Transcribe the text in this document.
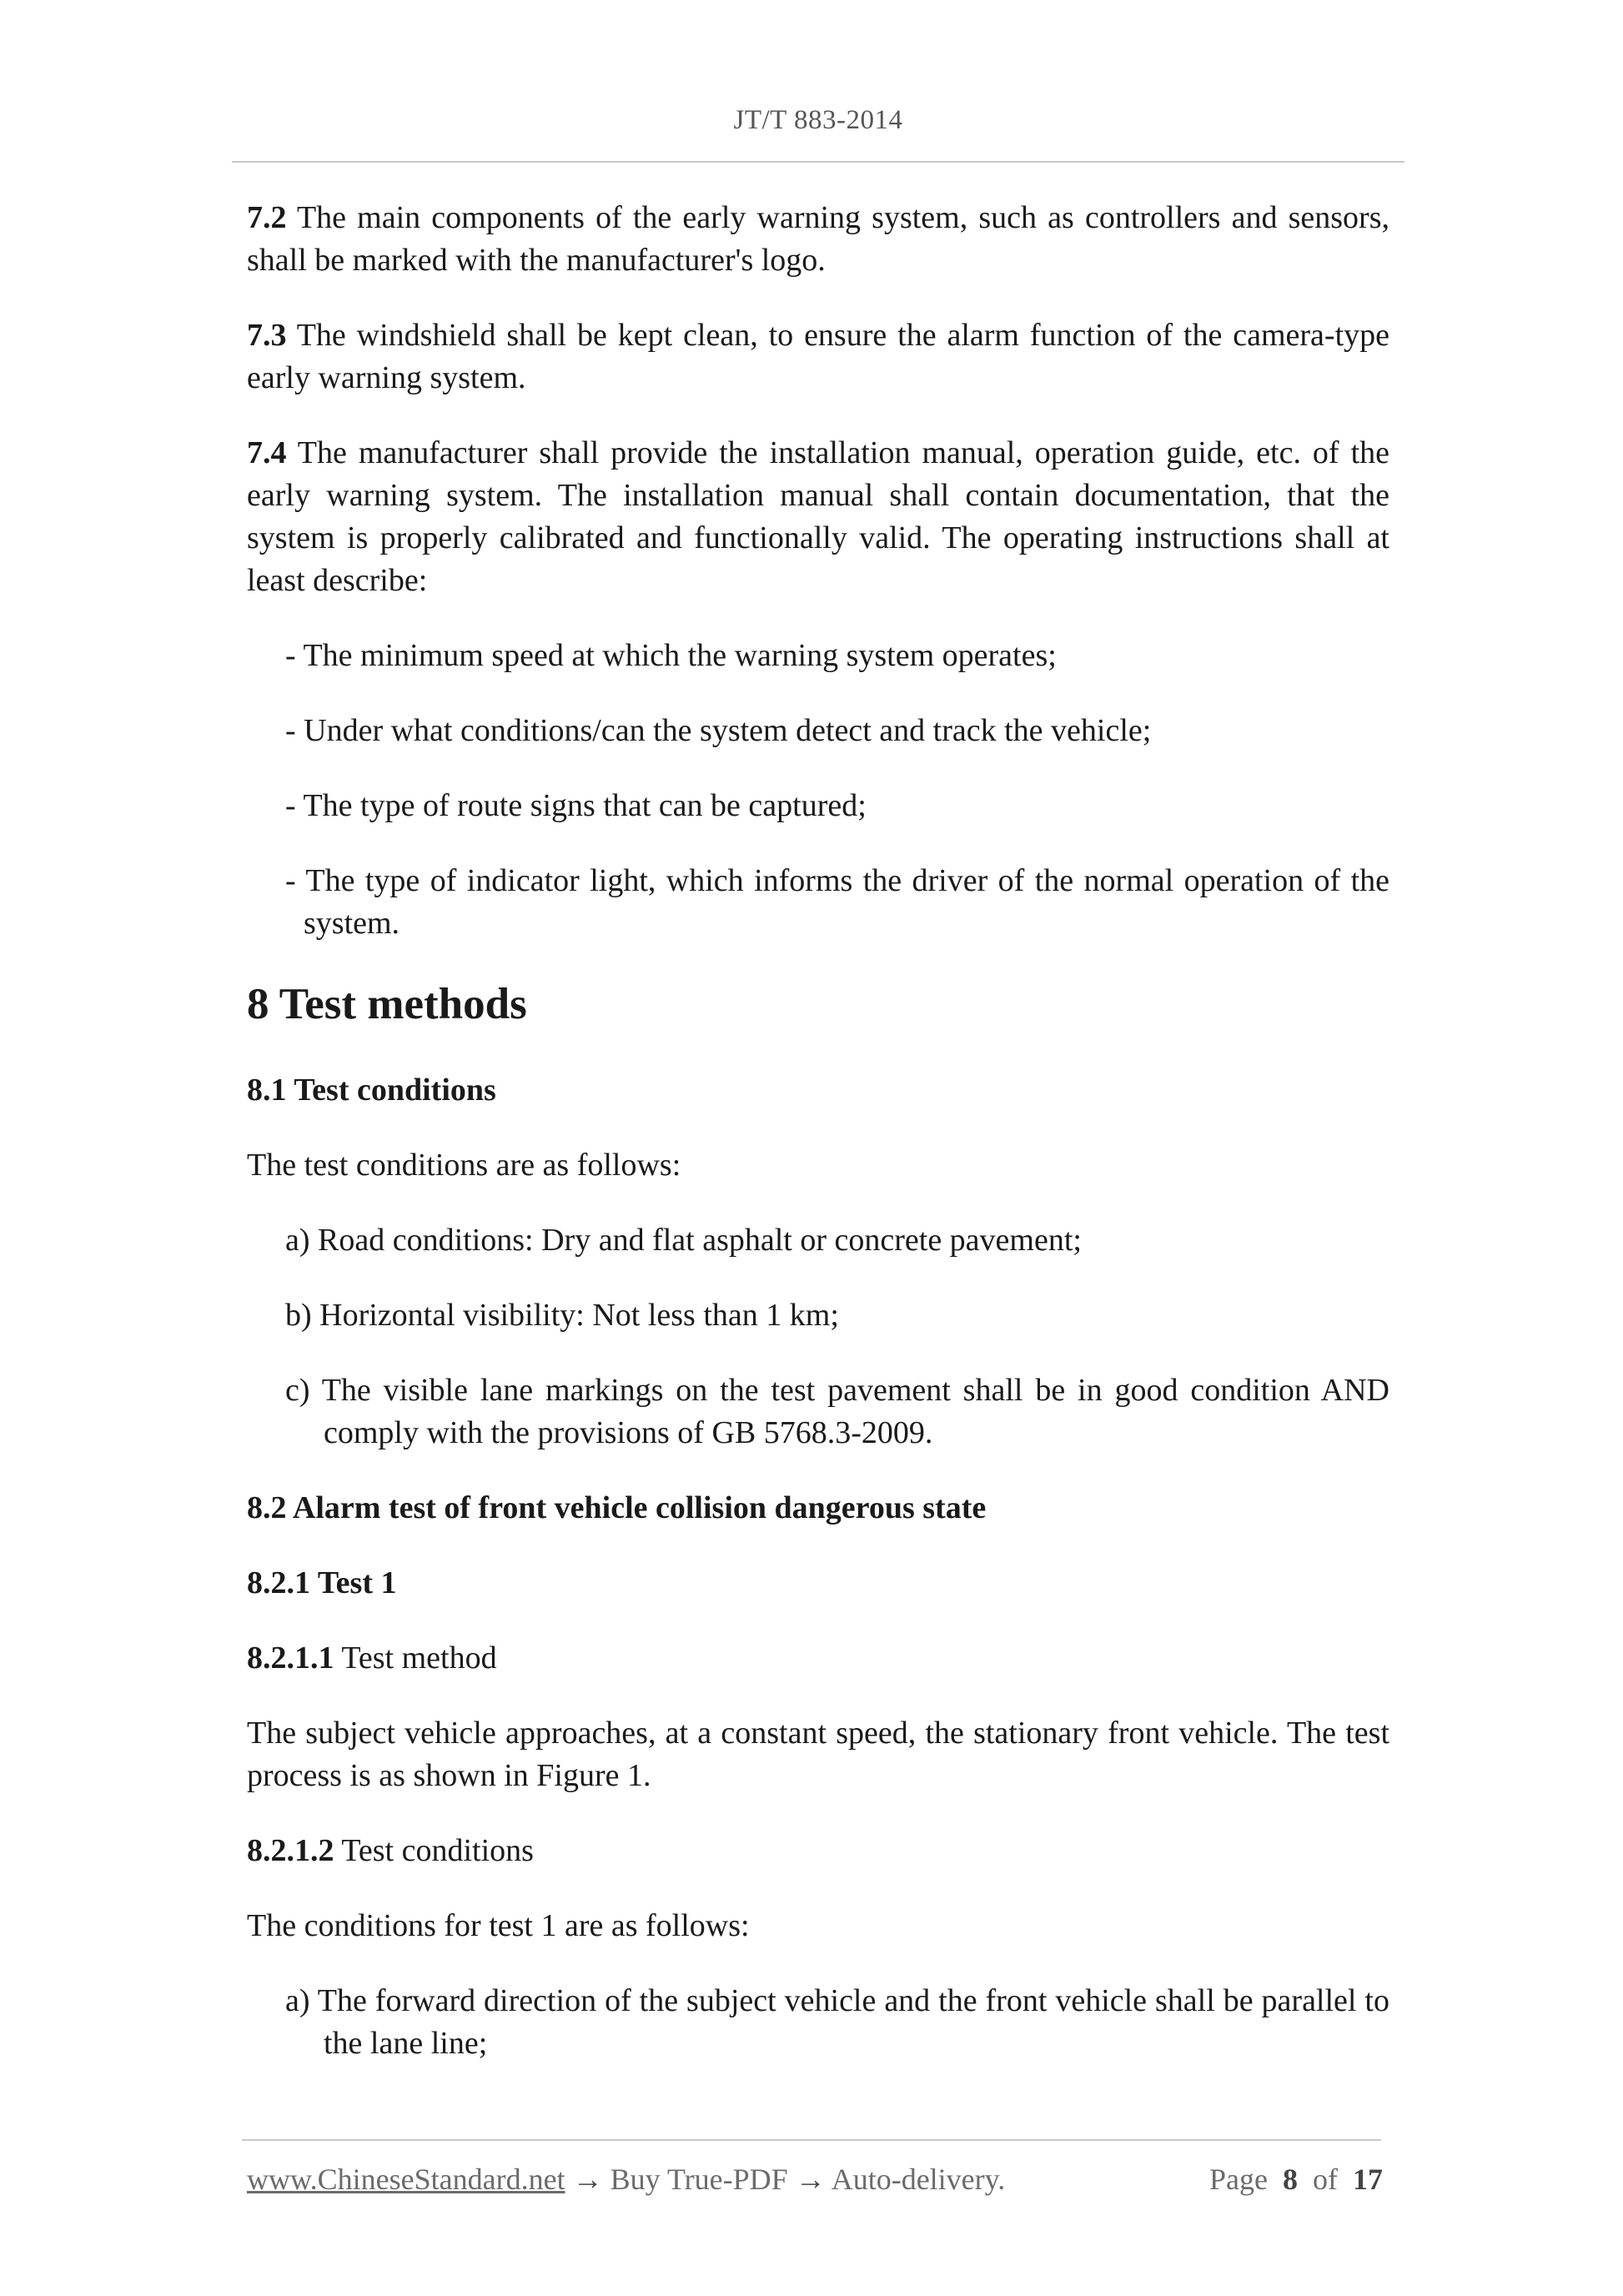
JT/T 883-2014

7.2 The main components of the early warning system, such as controllers and sensors, shall be marked with the manufacturer's logo.

7.3 The windshield shall be kept clean, to ensure the alarm function of the camera-type early warning system.

7.4 The manufacturer shall provide the installation manual, operation guide, etc. of the early warning system. The installation manual shall contain documentation, that the system is properly calibrated and functionally valid. The operating instructions shall at least describe:

- The minimum speed at which the warning system operates;

- Under what conditions/can the system detect and track the vehicle;

- The type of route signs that can be captured;

- The type of indicator light, which informs the driver of the normal operation of the system.

8 Test methods

8.1 Test conditions

The test conditions are as follows:

a) Road conditions: Dry and flat asphalt or concrete pavement;

b) Horizontal visibility: Not less than 1 km;

c) The visible lane markings on the test pavement shall be in good condition AND comply with the provisions of GB 5768.3-2009.

8.2 Alarm test of front vehicle collision dangerous state

8.2.1 Test 1

8.2.1.1 Test method

The subject vehicle approaches, at a constant speed, the stationary front vehicle. The test process is as shown in Figure 1.

8.2.1.2 Test conditions

The conditions for test 1 are as follows:

a) The forward direction of the subject vehicle and the front vehicle shall be parallel to the lane line;

www.ChineseStandard.net → Buy True-PDF → Auto-delivery.	Page 8 of 17
